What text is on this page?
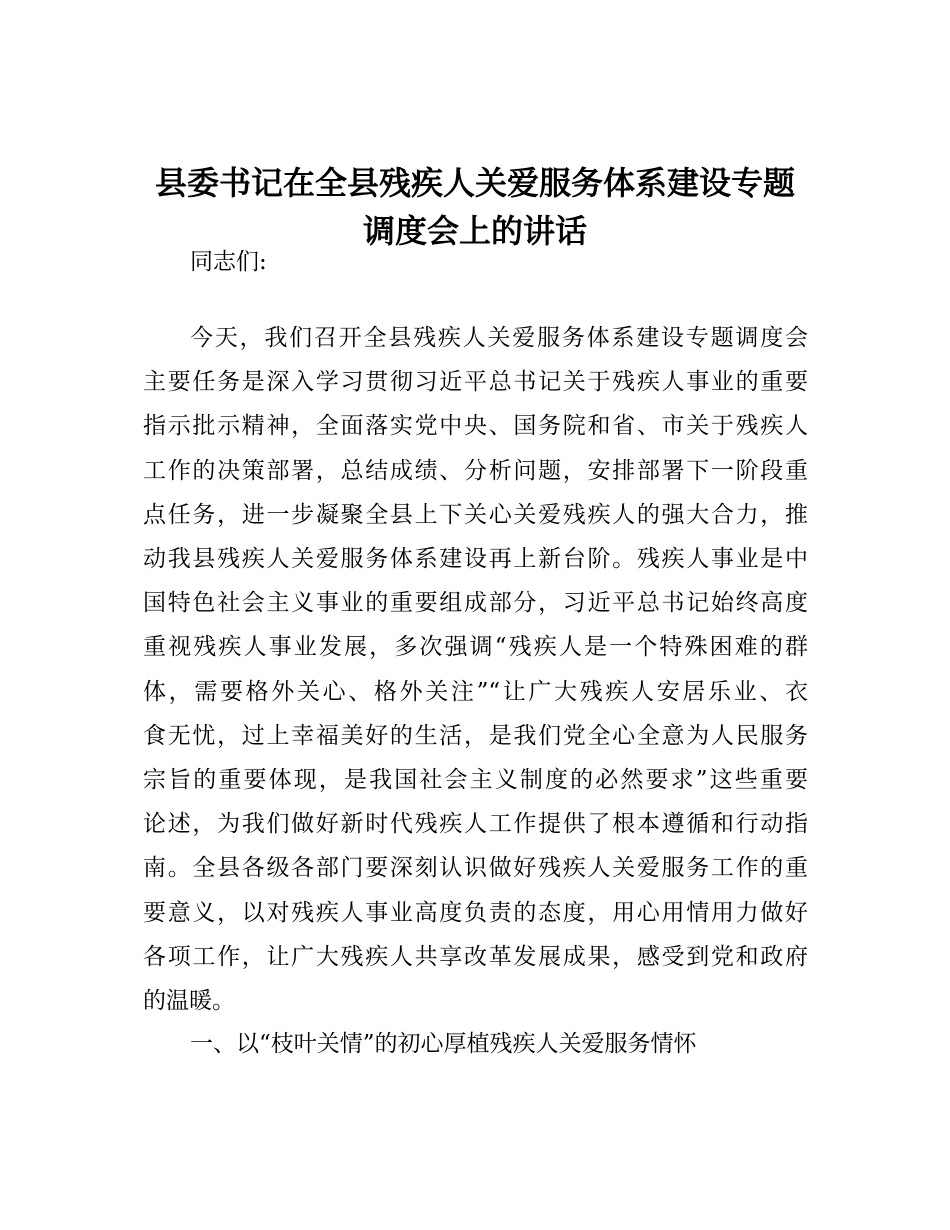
县委书记在全县残疾人关爱服务体系建设专题
调度会上的讲话
同志们:
今天，我们召开全县残疾人关爱服务体系建设专题调度会
主要任务是深入学习贯彻习近平总书记关于残疾人事业的重要
指示批示精神，全面落实党中央、国务院和省、市关于残疾人
工作的决策部署，总结成绩、分析问题，安排部署下一阶段重
点任务，进一步凝聚全县上下关心关爱残疾人的强大合力，推
动我县残疾人关爱服务体系建设再上新台阶。残疾人事业是中
国特色社会主义事业的重要组成部分，习近平总书记始终高度
重视残疾人事业发展，多次强调“残疾人是一个特殊困难的群
体，需要格外关心、格外关注”“让广大残疾人安居乐业、衣
食无忧，过上幸福美好的生活，是我们党全心全意为人民服务
宗旨的重要体现，是我国社会主义制度的必然要求”这些重要
论述，为我们做好新时代残疾人工作提供了根本遵循和行动指
南。全县各级各部门要深刻认识做好残疾人关爱服务工作的重
要意义，以对残疾人事业高度负责的态度，用心用情用力做好
各项工作，让广大残疾人共享改革发展成果，感受到党和政府
的温暖。
一、以“枝叶关情”的初心厚植残疾人关爱服务情怀
